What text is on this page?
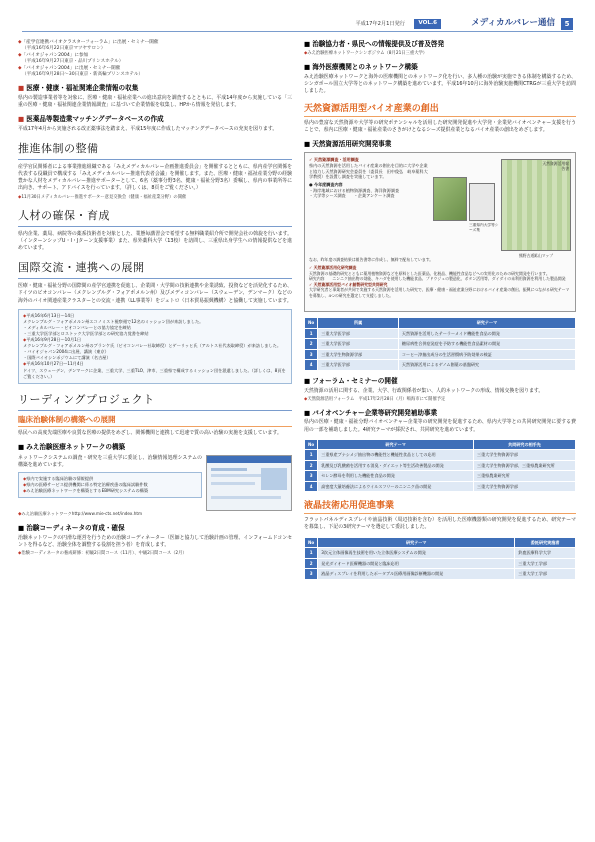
平成17年2月1日発行	VOL.6	メディカルバレー通信	5
◆「産学官連携バイオクラスターフォーラム」に出展・セミナー開催
（平成16年6月22日東京マツヤサロン）
◆「バイオジャパン2004」に参加
（平成16年9月27日東京・品川プリンスホテル）
◆「バイオジャパン2004」に出展・セミナー開催
（平成16年9月28日〜30日東京・新高輪プリンスホテル）
■ 医療・健康・福祉関連企業情報の収集
県内の製造事業者等を対象に、医療・健康・福祉産業への進出意向を調査するとともに、平成14年度から実施している「三重の医療・健康・福祉関連企業情報調査」に基づいて企業情報を収集し、HPから情報を発信します。
■ 医薬品等製造業マッチングデータベースの作成
平成17年4月から実施される改正薬事法を踏まえ、平成15年度に作成したマッチングデータベースの充実を図ります。
推進体制の整備
産学官民関係者による事業推進組織である「みえメディカルバレー企画推進委員会」を開催するとともに、県内産学官関係を代表する役職員で構成する「みえメディカルバレー推進代表者会議」を開催します。また、医療・健康・福祉産業分野の経験豊かな人材をメディカルバレー推進サポーターとして、6名（薬事分野3名、健康・福祉分野3名）委嘱し、県内の事業所等に出向き、サポート、アドバイスを行っています。（詳しくは、8頁をご覧ください。）
◆11月30日メディカルバレー推進サポーター意見交換会（健康・福祉産業分野）の開催
人材の確保・育成
県内企業、薬局、病院等の薬系技術者を対象とした、業態毎講習会で希望する無料職業紹介所で開発会社の斡旋を行います。（インターンシップU・I・Jターン支援事業）また、県外薬科大学（13校）を訪問し、三重県出身学生への情報提供などを進めています。
国際交流・連携への展開
医療・健康・福祉分野の国際間の産学官連携を促進し、企業間・大学間の技術連携や企業誘致、投資などを活発化するため、ドイツのビオコンバレー（メクレンブルグ・フォアポメルン州）及びメディコンバレー（スウェーデン、デンマーク）などの海外のバイオ関連産業クラスターとの交流・連携（LL事業等）をジェトロ（日本貿易振興機構）と協働して実施しています。
◆平成16年6月13日〜14日
メクレンブルグ・フォアポメルン州エコノミスト視察週で12名のミッション団が来訪しました。
・メディカルバレー・ビオコンバレーとの協力協定を締結
・三重大学医学部とロストック大学医学部との研究協力覚書を締結
◆平成16年9月28日〜10月1日
メクレンブルグ・フォアポメルン州のブランケ氏（ビオコンバレー社取締役）とゲーリッヒ氏（アルトス社代表取締役）が来訪しました。
・バイオジャパン2004に出展、講演（東京）
・国際バイオシンポジウムにて講演（名古屋）
◆平成16年10月27日〜11月4日
ドイツ、スウェーデン、デンマークに企業、三重大学、三重TLO、津市、三重県で構成するミッション団を派遣しました。（詳しくは、8頁をご覧ください。）
リーディングプロジェクト
臨床治験体制の構築への展開
県民への高度先端医療や良質な医療の提供をめざし、関係機関と連携して迅速で質の高い治験の実施を支援しています。
■ みえ治験医療ネットワークの構築
ネットワークシステムの調査・研究を三重大学に委託し、治験情報処理システムの構築を進めています。
◆県内で実施する臨床治験の情報提供
◆県内の医療サービス提供機関に係る特定治療疾患の臨床試験件数
◆みえ治験医療ネットワークを構築とするEBM研究システムの構築
◆みえ治験医療ネットワークhttp://www.mie-cts.net/index.htm
■ 治験コーディネータの育成・確保
治験ネットワークの円滑な運営を行うための治験コーディネーター（医師と協力して治験計画の管理、インフォームドコンセントを得るなど、治験全体を調整する役割を担う者）を育成します。
◆治験コーディネータの養成研修：初級2日間コース（11月）、中級2日間コース（2月）
■ 治験協力者・県民への情報提供及び普及啓発
◆みえ治験医療ネットワークシンポジウム（8月21日三重大学）
■ 海外医療機関とのネットワーク構築
みえ治験医療ネットワークと海外の医療機関とのネットワーク化を行い、多人種の治験が実施できる体制を構築するため、シンガポール国立大学等とのネットワーク構築を進めています。平成16年10月に海外治験実施機関CTRGが三重大学を訪問しました。
天然資源活用型バイオ産業の創出
県内の豊富な天然資源や大学等の研究ポテンシャルを活用した研究開発促進や大学発・企業発バイオベンチャー支援を行うことで、県内に医療・健康・福祉産業のさきがけとなるシーズ提供産業となるバイオ産業の創出をめざします。
■ 天然資源活用研究開発事業
✓ 天然資源調査・活用調査
県内の天然資源を活用したバイオ産業の創出を目的に大学や企業と協力し天然資源研究会委員を（委員長　田中俊弘　岐阜薬科大学教授）を設置し調査を実施しています。
● 今年度調査内容
・海岸地域における植物資源調査、海洋資源調査
・大学等シーズ調査　　・企業アンケート調査
三重県内大学等シーズ集
天然資源活用報告書
熊野古道鉱山マップ
なお、昨年度の調査結果は報告書等に作成し、無料で配布しています。
✓ 天然資源活用化研究調査
天然資源の基礎的研究とともに薬用植物資源などを原料とした医薬品、化粧品、機能性食品などへの実用化のための研究開発を行います。
研究内容　　ニンニク抽出物の効能、キハダを使用した機能食品、プドウジュの製造化、ボタン活用等、ダイダイの未利用資源を利用した製品開発
✓ 天然資源活用型バイオ創製研究型共同研究
大学研究者と事業者が共同で実施する天然資源を活用した研究で、医療・健康・福祉産業分野におけるバイオ産業の創出、振興につながる研究テーマを募集し、4つの研究を選定して支援しました。
No	所属	研究テーマ
1	三重大学医学部	天然資源を活用したテーラーメイド機能性食品の開発
2	三重大学医学部	糖尿病性合併症発症を予防する機能性食品素材の開発
3	三重大学生物資源学部	コーヒー滓抽出成分の生活習慣病予防効果の検証
4	三重大学医学部	天然資源活用によるゲノム創薬の基盤研究
■ フォーラム・セミナーの開催
天然資源の活用に関する、企業、大学、行政関係者が集い、人的ネットワークの形成、情報交換を図ります。
◆天然資源活用フォーラム　平成17年2月28日（月）鳴海市にて開催予定
■ バイオベンチャー企業等研究開発補助事業
県内の医療・健康・福祉分野バイオベンチャー企業等の研究開発を促進するため、県内大学等との共同研究開発に要する費用の一部を補助しました。4研究テーマが採択され、共同研究を進めています。
No	研究テーマ	共同研究の相手先
1	三重県産ブナシメジ抽出物の機能性と機能性食品としての応用	三重大学生物資源学部
2	乳酸及び乳酸菌を活用する消臭・ダイエット等生活改善製品の開発	三重大学生物資源学部、三重県農業研究所
3	セレン酵母を利用した機能性食品の開発	三重県農業研究所
4	高密度大量培養法によるウイルスフリーのニンニク苗の開発	三重大学生物資源学部
液晶技術応用促進事業
フラットパネルディスプレイや液晶技術（周辺技術を含む）を活用した医療機器類の研究開発を促進するため、研究テーマを募集し、下記の3研究テーマを選定して委託しました。
No	研究テーマ	委託研究実施者
1	3次元立体画像再生技術を用いた立体医療システムの開発	鈴鹿医療科学大学
2	発光ダイオード医療機器の開発と臨床応用	三重大学工学部
3	液晶ディスプレイを利用したポータブル医療用画像診断機器の開発	三重大学工学部
